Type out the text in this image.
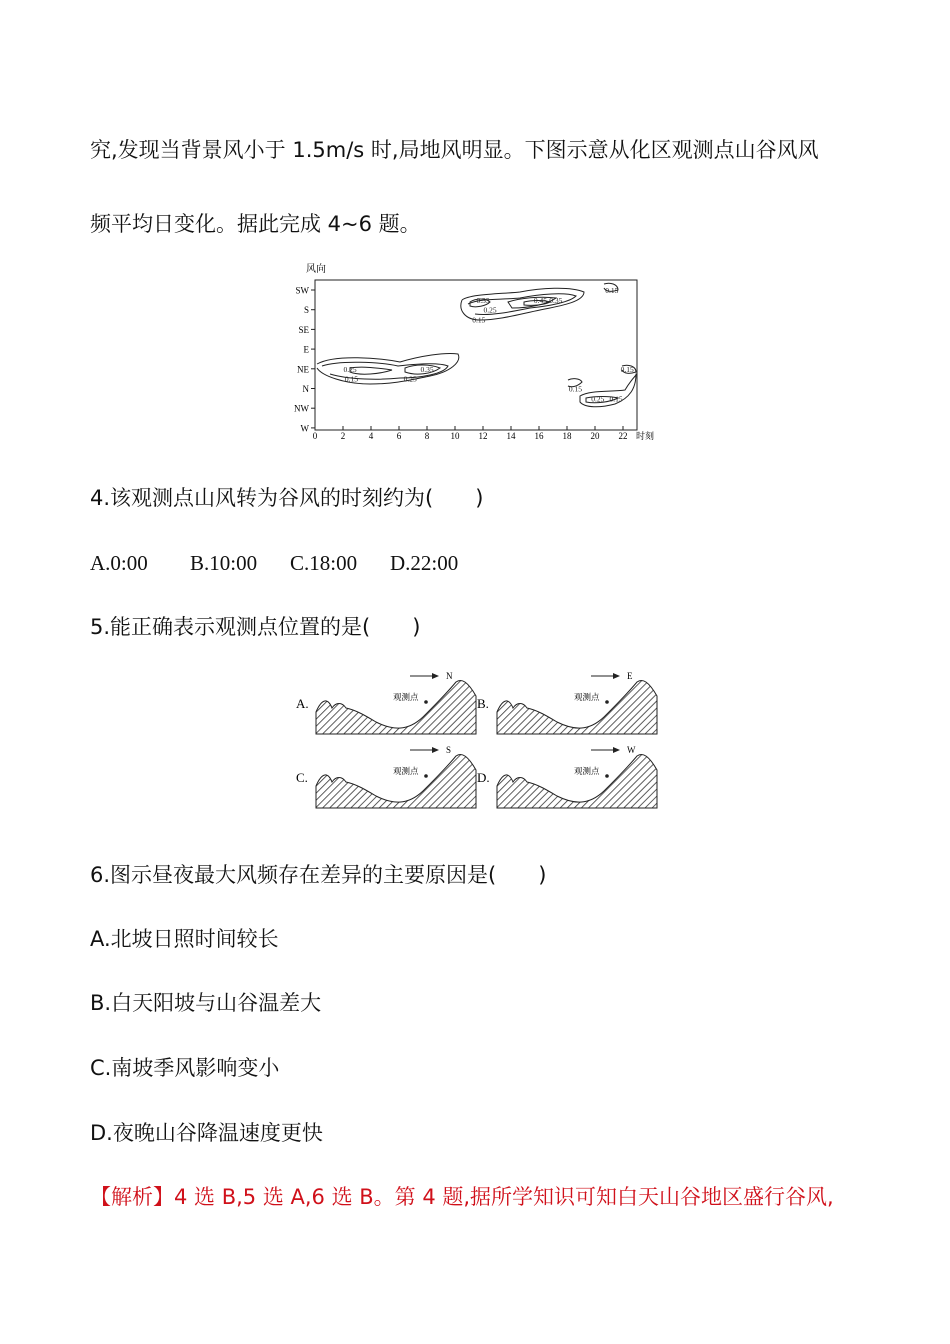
究,发现当背景风小于 1.5m/s 时,局地风明显。下图示意从化区观测点山谷风风
频平均日变化。据此完成 4~6 题。
风向
SW
S
SE
E
NE
N
NW
W
0	2	4	6	8 10 12 14 16 18 20 22 时刻
0.25
0.15
0.35
0.25
0.35
0.25
0.15
0.45 0.35
0.15
0.15
0.15
0.25 0.15
4.该观测点山风转为谷风的时刻约为(　　)
A.0:00 B.10:00 C.18:00 D.22:00
5.能正确表示观测点位置的是(　　)
A.	观测点
N
B.	观测点
E
C.	观测点
S
D.	观测点
W
6.图示昼夜最大风频存在差异的主要原因是(　　)
A.北坡日照时间较长
B.白天阳坡与山谷温差大
C.南坡季风影响变小
D.夜晚山谷降温速度更快
【解析】4 选 B,5 选 A,6 选 B。第 4 题,据所学知识可知白天山谷地区盛行谷风,
